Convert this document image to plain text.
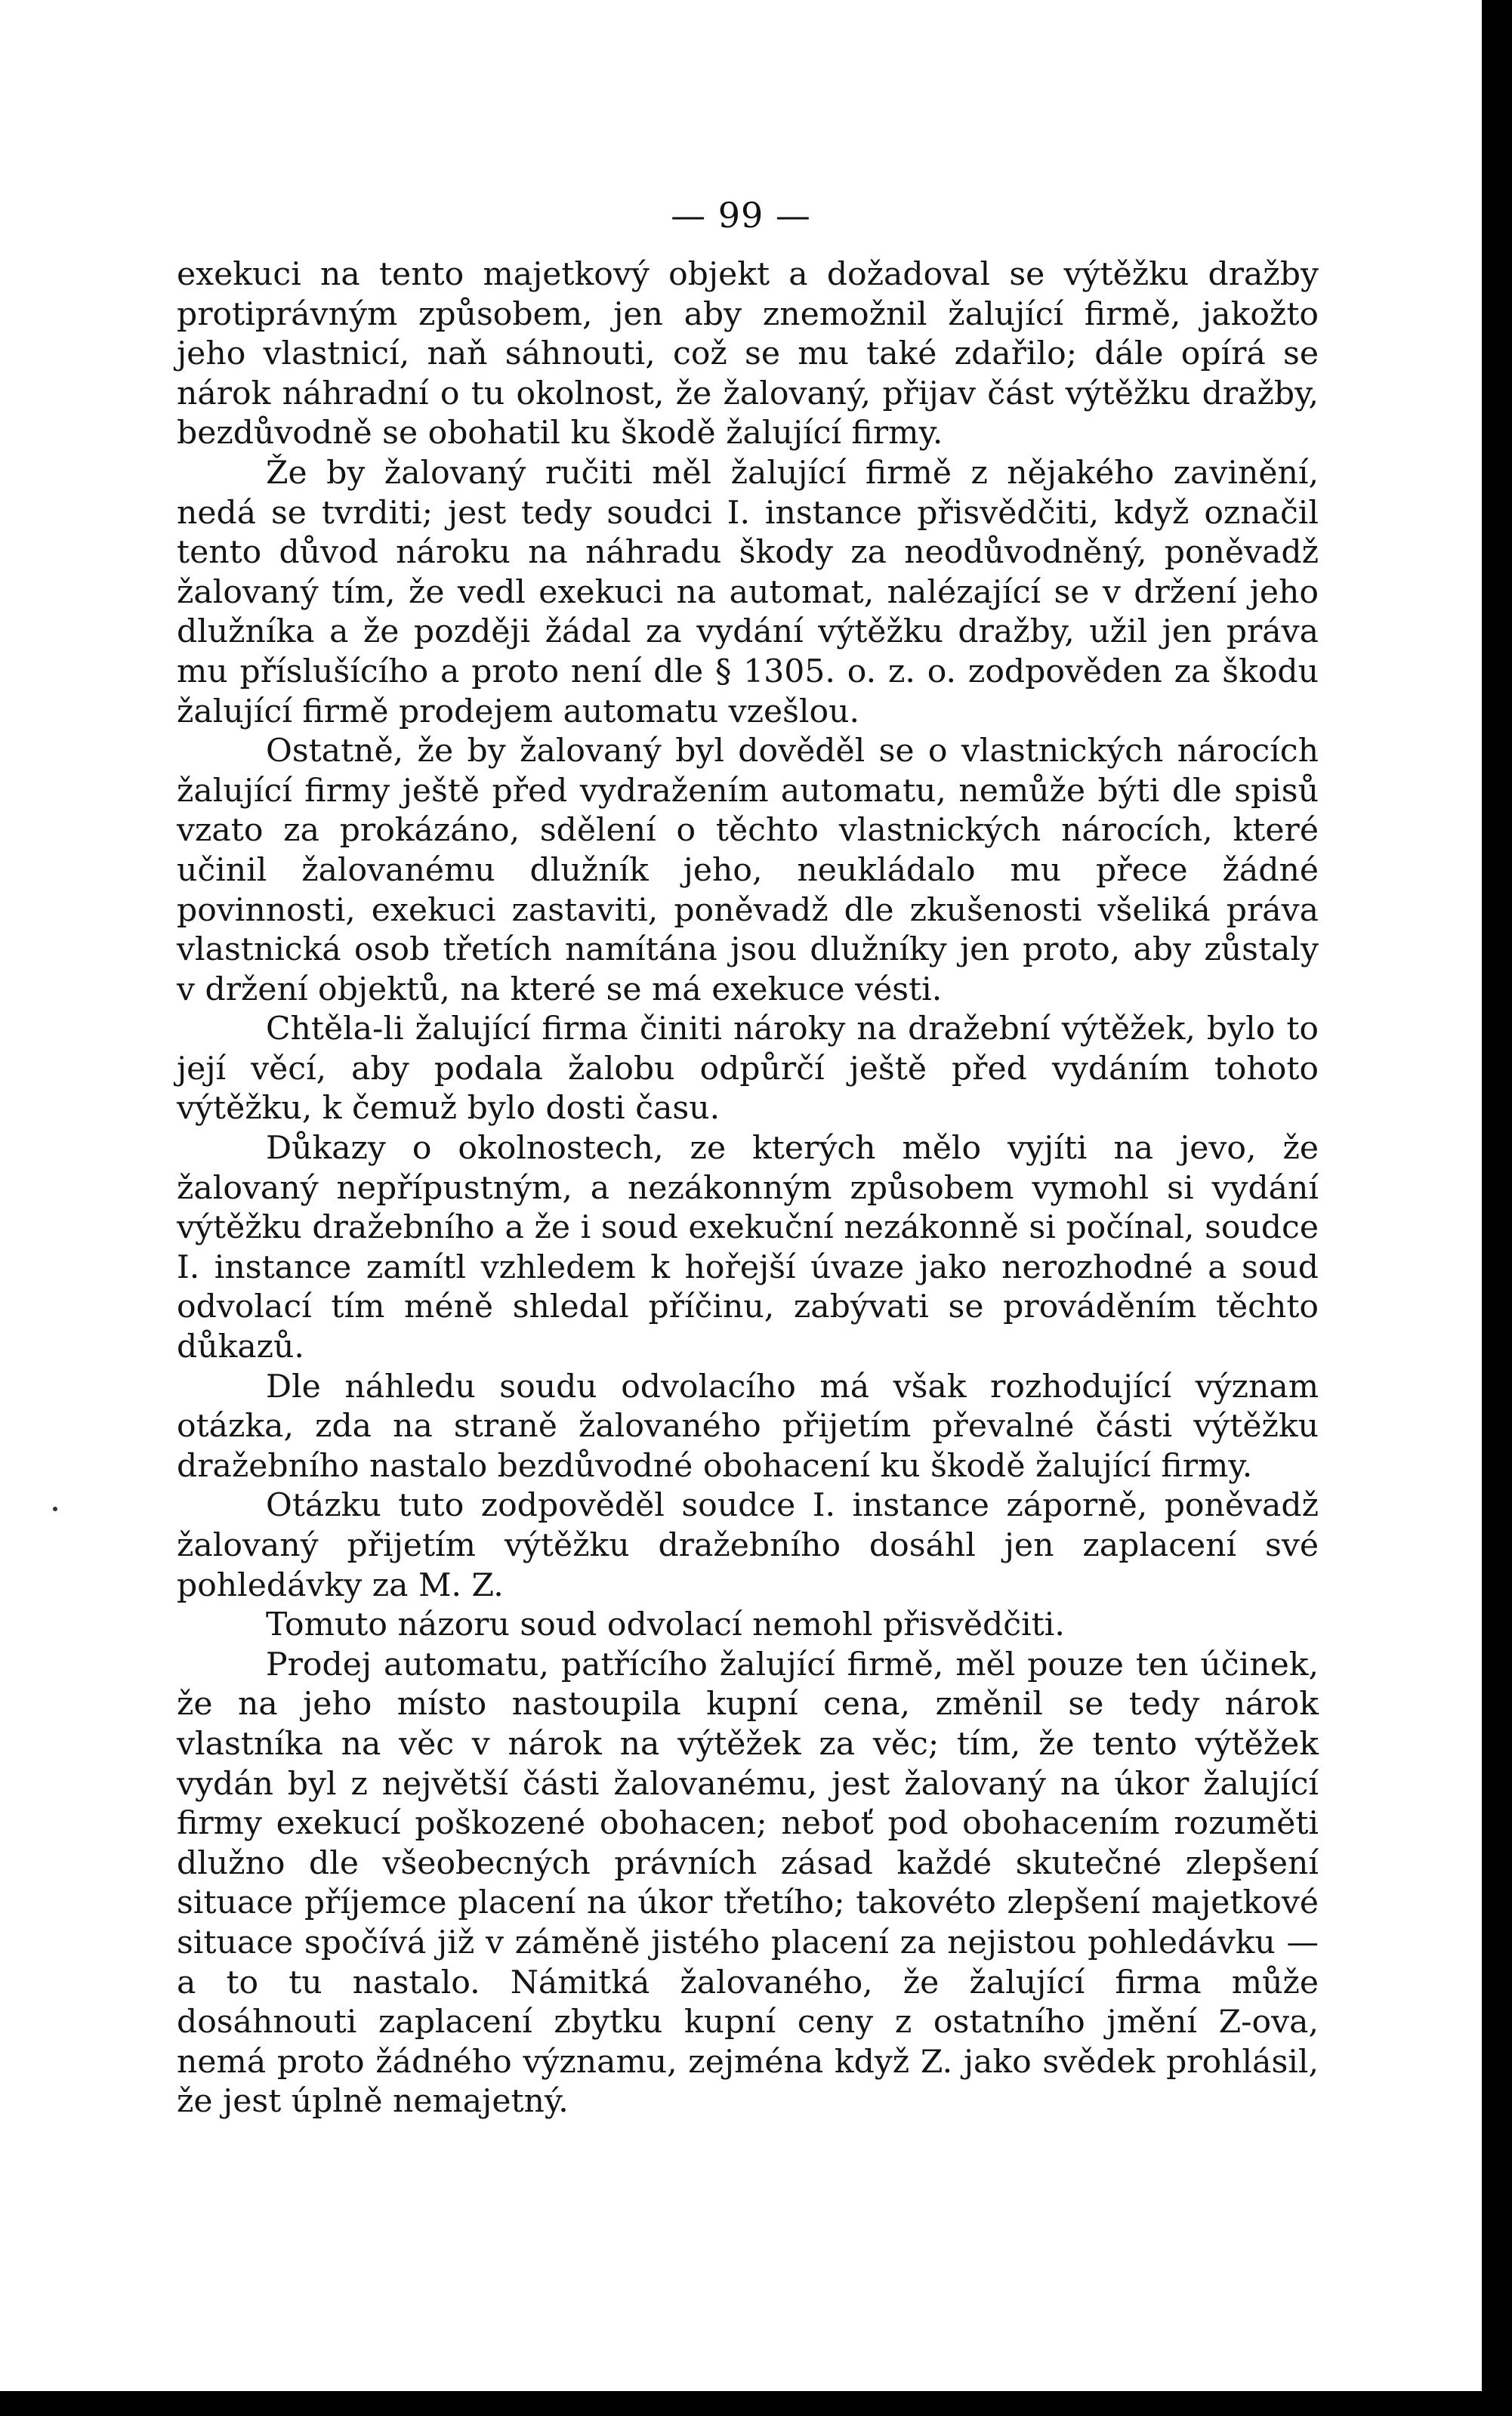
— 99 —

exekuci na tento majetkový objekt a dožadoval se výtěžku dražby protiprávným způsobem, jen aby znemožnil žalující firmě, jakožto jeho vlastnicí, naň sáhnouti, což se mu také zdařilo; dále opírá se nárok náhradní o tu okolnost, že žalovaný, přijav část výtěžku dražby, bezdůvodně se obohatil ku škodě žalující firmy.

Že by žalovaný ručiti měl žalující firmě z nějakého zavinění, nedá se tvrditi; jest tedy soudci I. instance přisvědčiti, když označil tento důvod nároku na náhradu škody za neodůvodněný, poněvadž žalovaný tím, že vedl exekuci na automat, nalézající se v držení jeho dlužníka a že později žádal za vydání výtěžku dražby, užil jen práva mu příslušícího a proto není dle § 1305. o. z. o. zodpověden za škodu žalující firmě prodejem automatu vzešlou.

Ostatně, že by žalovaný byl dověděl se o vlastnických nárocích žalující firmy ještě před vydražením automatu, nemůže býti dle spisů vzato za prokázáno, sdělení o těchto vlastnických nárocích, které učinil žalovanému dlužník jeho, neukládalo mu přece žádné povinnosti, exekuci zastaviti, poněvadž dle zkušenosti všeliká práva vlastnická osob třetích namítána jsou dlužníky jen proto, aby zůstaly v držení objektů, na které se má exekuce vésti.

Chtěla-li žalující firma činiti nároky na dražební výtěžek, bylo to její věcí, aby podala žalobu odpůrčí ještě před vydáním tohoto výtěžku, k čemuž bylo dosti času.

Důkazy o okolnostech, ze kterých mělo vyjíti na jevo, že žalovaný nepřípustným, a nezákonným způsobem vymohl si vydání výtěžku dražebního a že i soud exekuční nezákonně si počínal, soudce I. instance zamítl vzhledem k hořejší úvaze jako nerozhodné a soud odvolací tím méně shledal příčinu, zabývati se prováděním těchto důkazů.

Dle náhledu soudu odvolacího má však rozhodující význam otázka, zda na straně žalovaného přijetím převalné části výtěžku dražebního nastalo bezdůvodné obohacení ku škodě žalující firmy.

Otázku tuto zodpověděl soudce I. instance záporně, poněvadž žalovaný přijetím výtěžku dražebního dosáhl jen zaplacení své pohledávky za M. Z.

Tomuto názoru soud odvolací nemohl přisvědčiti.

Prodej automatu, patřícího žalující firmě, měl pouze ten účinek, že na jeho místo nastoupila kupní cena, změnil se tedy nárok vlastníka na věc v nárok na výtěžek za věc; tím, že tento výtěžek vydán byl z největší části žalovanému, jest žalovaný na úkor žalující firmy exekucí poškozené obohacen; neboť pod obohacením rozuměti dlužno dle všeobecných právních zásad každé skutečné zlepšení situace příjemce placení na úkor třetího; takovéto zlepšení majetkové situace spočívá již v záměně jistého placení za nejistou pohledávku — a to tu nastalo. Námitká žalovaného, že žalující firma může dosáhnouti zaplacení zbytku kupní ceny z ostatního jmění Z-ova, nemá proto žádného významu, zejména když Z. jako svědek prohlásil, že jest úplně nemajetný.
